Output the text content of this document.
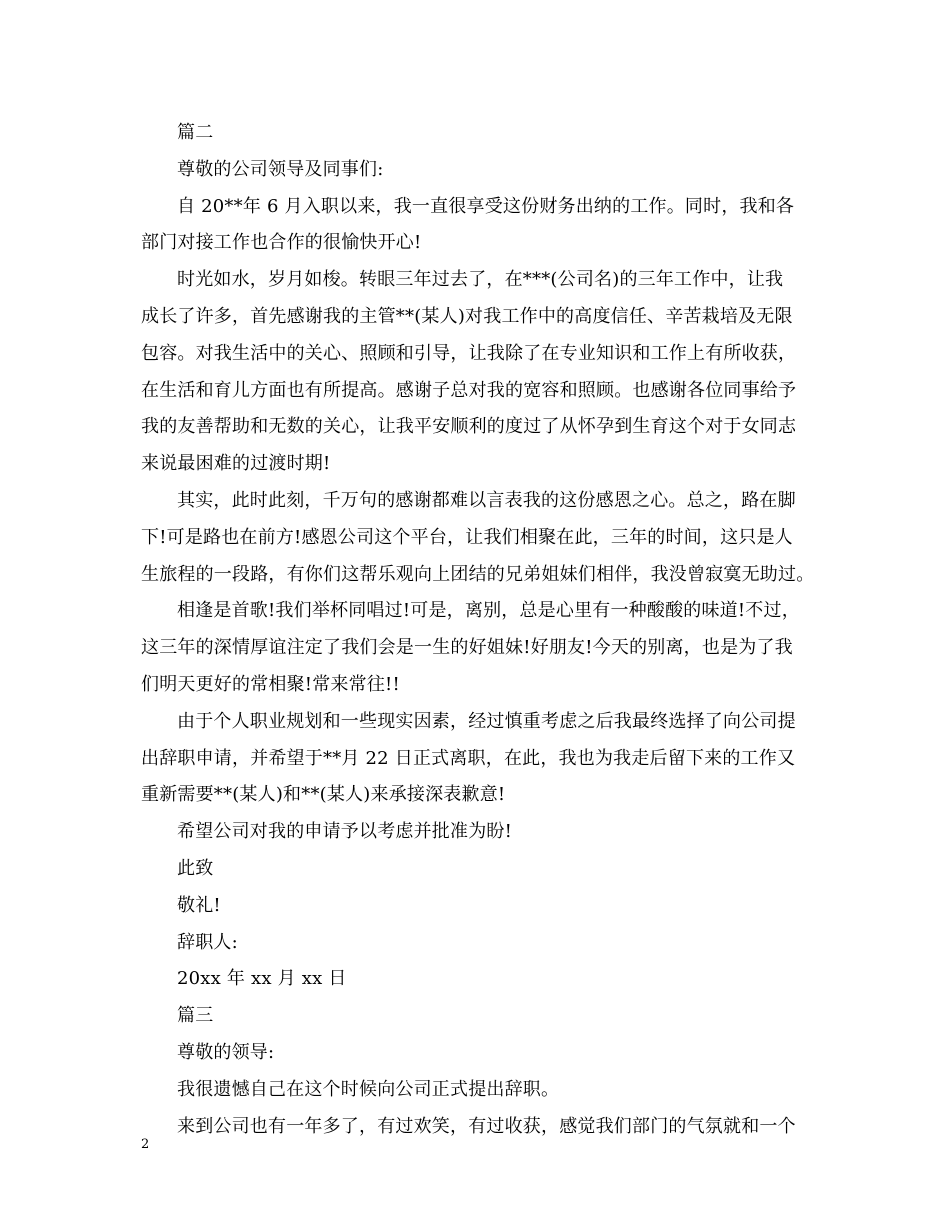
篇二
尊敬的公司领导及同事们:
自 20**年 6 月入职以来，我一直很享受这份财务出纳的工作。同时，我和各
部门对接工作也合作的很愉快开心!
时光如水，岁月如梭。转眼三年过去了，在***(公司名)的三年工作中，让我
成长了许多，首先感谢我的主管**(某人)对我工作中的高度信任、辛苦栽培及无限
包容。对我生活中的关心、照顾和引导，让我除了在专业知识和工作上有所收获，
在生活和育儿方面也有所提高。感谢子总对我的宽容和照顾。也感谢各位同事给予
我的友善帮助和无数的关心，让我平安顺利的度过了从怀孕到生育这个对于女同志
来说最困难的过渡时期!
其实，此时此刻，千万句的感谢都难以言表我的这份感恩之心。总之，路在脚
下!可是路也在前方!感恩公司这个平台，让我们相聚在此，三年的时间，这只是人
生旅程的一段路，有你们这帮乐观向上团结的兄弟姐妹们相伴，我没曾寂寞无助过。
相逢是首歌!我们举杯同唱过!可是，离别，总是心里有一种酸酸的味道!不过，
这三年的深情厚谊注定了我们会是一生的好姐妹!好朋友!今天的别离，也是为了我
们明天更好的常相聚!常来常往!!
由于个人职业规划和一些现实因素，经过慎重考虑之后我最终选择了向公司提
出辞职申请，并希望于**月 22 日正式离职，在此，我也为我走后留下来的工作又
重新需要**(某人)和**(某人)来承接深表歉意!
希望公司对我的申请予以考虑并批准为盼!
此致
敬礼!
辞职人:
20xx 年 xx 月 xx 日
篇三
尊敬的领导:
我很遗憾自己在这个时候向公司正式提出辞职。
来到公司也有一年多了，有过欢笑，有过收获，感觉我们部门的气氛就和一个
2
